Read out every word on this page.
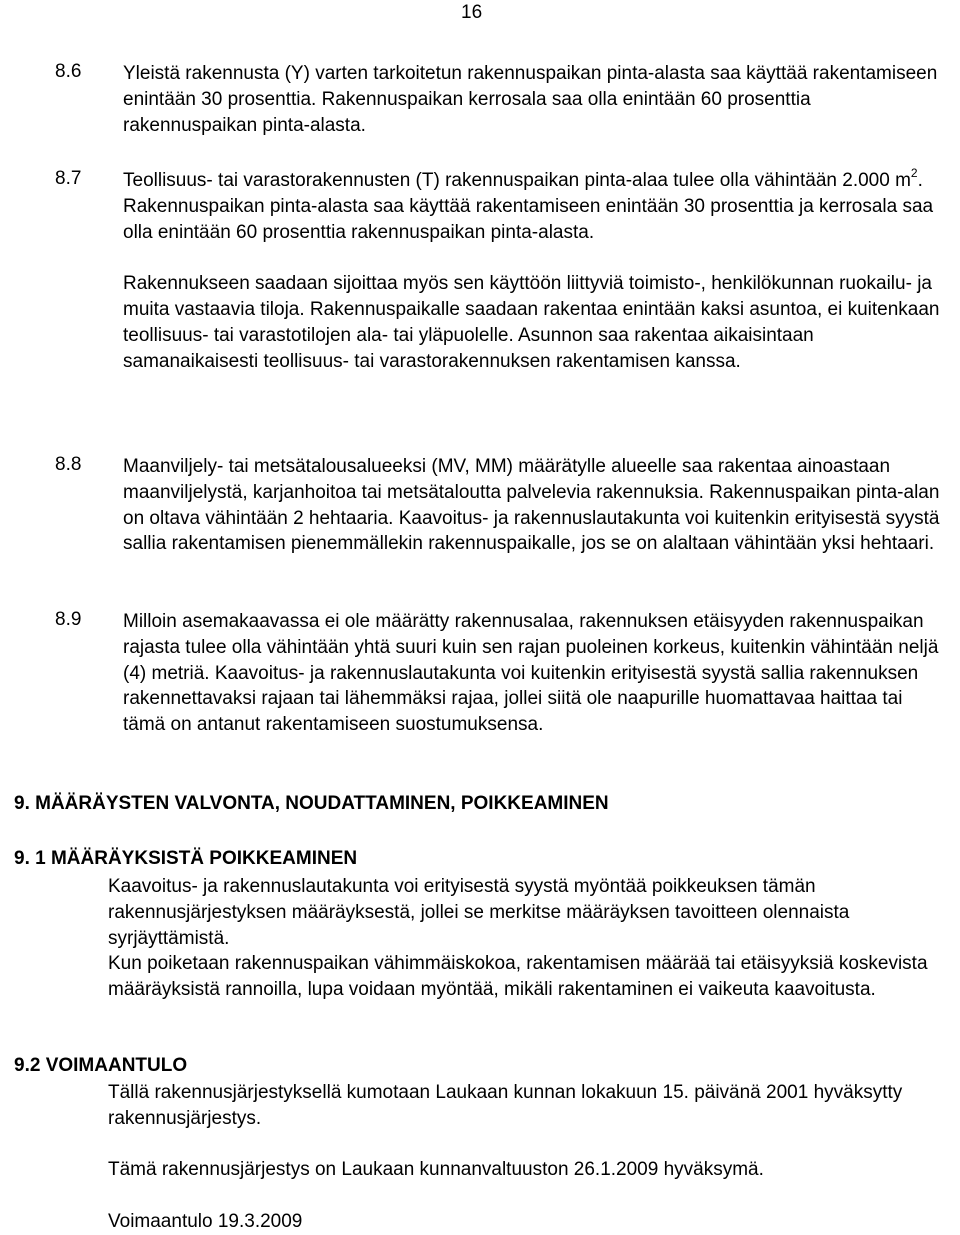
16
8.6 Yleistä rakennusta (Y) varten tarkoitetun rakennuspaikan pinta-alasta saa käyttää rakentamiseen enintään 30 prosenttia. Rakennuspaikan kerrosala saa olla enintään 60 prosenttia rakennuspaikan pinta-alasta.

8.7 Teollisuus- tai varastorakennusten (T) rakennuspaikan pinta-alaa tulee olla vähintään 2.000 $m^2$. Rakennuspaikan pinta-alasta saa käyttää rakentamiseen enintään 30 prosenttia ja kerrosala saa olla enintään 60 prosenttia rakennuspaikan pinta-alasta.

Rakennukseen saadaan sijoittaa myös sen käyttöön liittyviä toimisto-, henkilökunnan ruokailu- ja muita vastaavia tiloja. Rakennuspaikalle saadaan rakentaa enintään kaksi asuntoa, ei kuitenkaan teollisuus- tai varastotilojen ala- tai yläpuolelle. Asunnon saa rakentaa aikaisintaan samanaikaisesti teollisuus- tai varastorakennuksen rakentamisen kanssa.

8.8 Maanviljely- tai metsätalousalueeksi (MV, MM) määrätylle alueelle saa rakentaa ainoastaan maanviljelystä, karjanhoitoa tai metsätaloutta palvelevia rakennuksia. Rakennuspaikan pinta-alan on oltava vähintään 2 hehtaaria. Kaavoitus- ja rakennuslautakunta voi kuitenkin erityisestä syystä sallia rakentamisen pienemmällekin rakennuspaikalle, jos se on alaltaan vähintään yksi hehtaari.

8.9 Milloin asemakaavassa ei ole määrätty rakennusalaa, rakennuksen etäisyyden rakennuspaikan rajasta tulee olla vähintään yhtä suuri kuin sen rajan puoleinen korkeus, kuitenkin vähintään neljä (4) metriä. Kaavoitus- ja rakennuslautakunta voi kuitenkin erityisestä syystä sallia rakennuksen rakennettavaksi rajaan tai lähemmäksi rajaa, jollei siitä ole naapurille huomattavaa haittaa tai tämä on antanut rakentamiseen suostumuksensa.

9. MÄÄRÄYSTEN VALVONTA, NOUDATTAMINEN, POIKKEAMINEN
9. 1 MÄÄRÄYKSISTÄ POIKKEAMINEN

Kaavoitus- ja rakennuslautakunta voi erityisestä syystä myöntää poikkeuksen tämän rakennusjärjestyksen määräyksestä, jollei se merkitse määräyksen tavoitteen olennaista syrjäyttämistä.

Kun poiketaan rakennuspaikan vähimmäiskokoa, rakentamisen määrää tai etäisyyksiä koskevista määräyksistä rannoilla, lupa voidaan myöntää, mikäli rakentaminen ei vaikeuta kaavoitusta.

9.2 VOIMAANTULO

Tällä rakennusjärjestyksellä kumotaan Laukaan kunnan lokakuun 15. päivänä 2001 hyväksytty rakennusjärjestys.

Tämä rakennusjärjestys on Laukaan kunnanvaltuuston 26.1.2009 hyväksymä.

Voimaantulo 19.3.2009
